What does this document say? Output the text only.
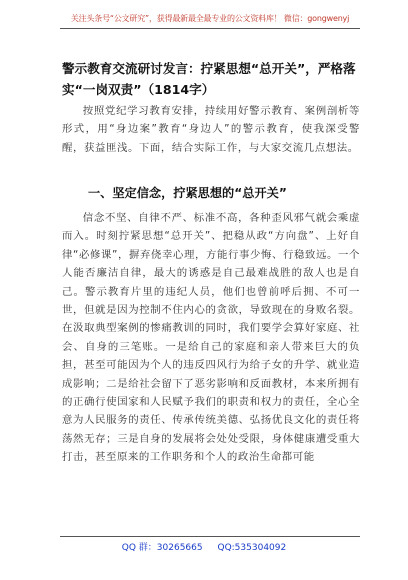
关注头条号“公文研究”，获得最新最全最专业的公文资料库！ 微信：gongwenyj
警示教育交流研讨发言：拧紧思想“总开关”，严格落实“一岗双责”（1814字）
按照党纪学习教育安排，持续用好警示教育、案例剖析等形式，用“身边案”教育“身边人”的警示教育，使我深受警醒，获益匪浅。下面，结合实际工作，与大家交流几点想法。
一、坚定信念，拧紧思想的“总开关”
信念不坚、自律不严、标准不高，各种歪风邪气就会乘虚而入。时刻拧紧思想“总开关”、把稳从政“方向盘”、上好自律“必修课”，摒弃侥幸心理，方能行事少悔、行稳致远。一个人能否廉洁自律，最大的诱惑是自己最难战胜的敌人也是自己。警示教育片里的违纪人员，他们也曾前呼后拥、不可一世，但就是因为控制不住内心的贪欲，导致现在的身败名裂。在汲取典型案例的惨痛教训的同时，我们要学会算好家庭、社会、自身的三笔账。一是给自己的家庭和亲人带来巨大的负担，甚至可能因为个人的违反四风行为给子女的升学、就业造成影响；二是给社会留下了恶劣影响和反面教材，本来所拥有的正确行使国家和人民赋予我们的职责和权力的责任，全心全意为人民服务的责任、传承传统美德、弘扬优良文化的责任将荡然无存；三是自身的发展将会处处受限，身体健康遭受重大打击，甚至原来的工作职务和个人的政治生命都可能
QQ 群：30265665 QQ:535304092
